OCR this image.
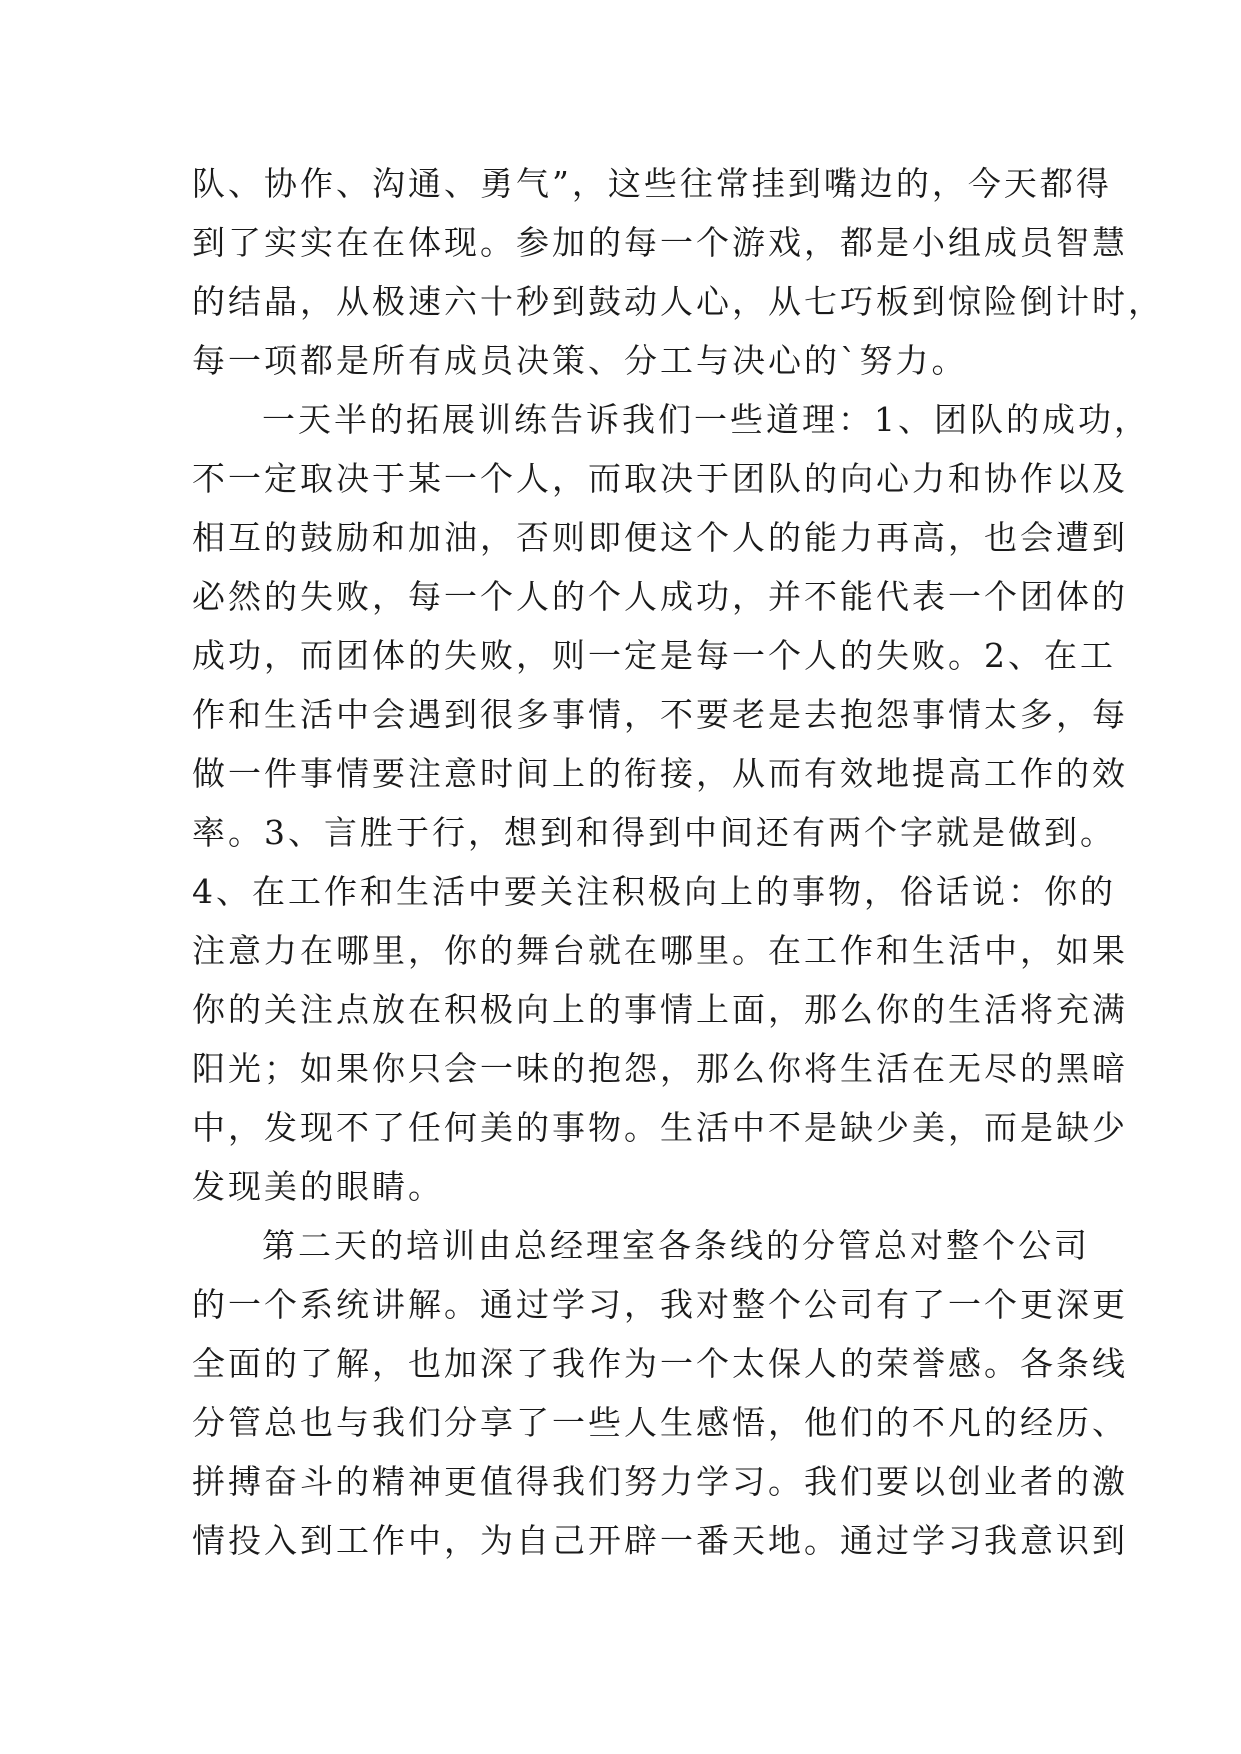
队、协作、沟通、勇气”，这些往常挂到嘴边的，今天都得
到了实实在在体现。参加的每一个游戏，都是小组成员智慧
的结晶，从极速六十秒到鼓动人心，从七巧板到惊险倒计时，
每一项都是所有成员决策、分工与决心的`努力。
一天半的拓展训练告诉我们一些道理：1、团队的成功，
不一定取决于某一个人，而取决于团队的向心力和协作以及
相互的鼓励和加油，否则即便这个人的能力再高，也会遭到
必然的失败，每一个人的个人成功，并不能代表一个团体的
成功，而团体的失败，则一定是每一个人的失败。2、在工
作和生活中会遇到很多事情，不要老是去抱怨事情太多，每
做一件事情要注意时间上的衔接，从而有效地提高工作的效
率。3、言胜于行，想到和得到中间还有两个字就是做到。
4、在工作和生活中要关注积极向上的事物，俗话说：你的
注意力在哪里，你的舞台就在哪里。在工作和生活中，如果
你的关注点放在积极向上的事情上面，那么你的生活将充满
阳光；如果你只会一味的抱怨，那么你将生活在无尽的黑暗
中，发现不了任何美的事物。生活中不是缺少美，而是缺少
发现美的眼睛。
第二天的培训由总经理室各条线的分管总对整个公司
的一个系统讲解。通过学习，我对整个公司有了一个更深更
全面的了解，也加深了我作为一个太保人的荣誉感。各条线
分管总也与我们分享了一些人生感悟，他们的不凡的经历、
拼搏奋斗的精神更值得我们努力学习。我们要以创业者的激
情投入到工作中，为自己开辟一番天地。通过学习我意识到
